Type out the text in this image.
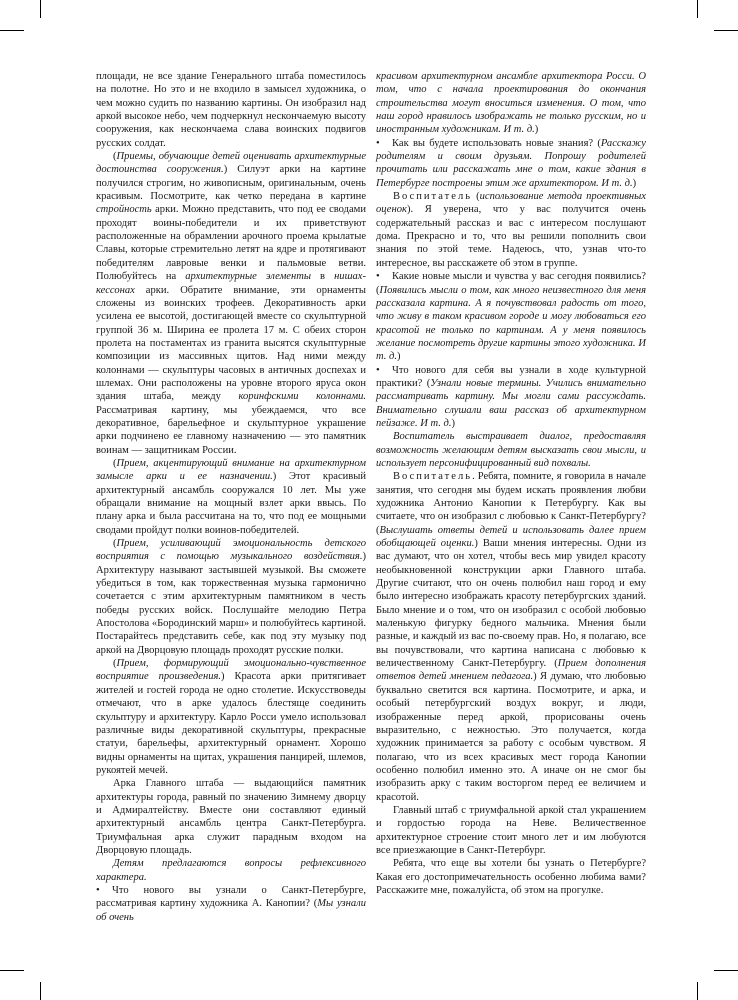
площади, не все здание Генерального штаба поместилось на полотне. Но это и не входило в замысел художника, о чем можно судить по названию картины. Он изобразил над аркой высокое небо, чем подчеркнул нескончаемую высоту сооружения, как нескончаема слава воинских подвигов русских солдат.

(Приемы, обучающие детей оценивать архитектурные достоинства сооружения.) Силуэт арки на картине получился строгим, но живописным, оригинальным, очень красивым. Посмотрите, как четко передана в картине стройность арки. Можно представить, что под ее сводами проходят воины-победители и их приветствуют расположенные на обрамлении арочного проема крылатые Славы, которые стремительно летят на ядре и протягивают победителям лавровые венки и пальмовые ветви. Полюбуйтесь на архитектурные элементы в нишах-кессонах арки. Обратите внимание, эти орнаменты сложены из воинских трофеев. Декоративность арки усилена ее высотой, достигающей вместе со скульптурной группой 36 м. Ширина ее пролета 17 м. С обеих сторон пролета на постаментах из гранита высятся скульптурные композиции из массивных щитов. Над ними между колоннами — скульптуры часовых в античных доспехах и шлемах. Они расположены на уровне второго яруса окон здания штаба, между коринфскими колоннами. Рассматривая картину, мы убеждаемся, что все декоративное, барельефное и скульптурное украшение арки подчинено ее главному назначению — это памятник воинам — защитникам России.

(Прием, акцентирующий внимание на архитектурном замысле арки и ее назначении.) Этот красивый архитектурный ансамбль сооружался 10 лет. Мы уже обращали внимание на мощный взлет арки ввысь. По плану арка и была рассчитана на то, что под ее мощными сводами пройдут полки воинов-победителей.

(Прием, усиливающий эмоциональность детского восприятия с помощью музыкального воздействия.) Архитектуру называют застывшей музыкой. Вы сможете убедиться в том, как торжественная музыка гармонично сочетается с этим архитектурным памятником в честь победы русских войск. Послушайте мелодию Петра Апостолова «Бородинский марш» и полюбуйтесь картиной. Постарайтесь представить себе, как под эту музыку под аркой на Дворцовую площадь проходят русские полки.

(Прием, формирующий эмоционально-чувственное восприятие произведения.) Красота арки притягивает жителей и гостей города не одно столетие. Искусствоведы отмечают, что в арке удалось блестяще соединить скульптуру и архитектуру. Карло Росси умело использовал различные виды декоративной скульптуры, прекрасные статуи, барельефы, архитектурный орнамент. Хорошо видны орнаменты на щитах, украшения панцирей, шлемов, рукоятей мечей.

Арка Главного штаба — выдающийся памятник архитектуры города, равный по значению Зимнему дворцу и Адмиралтейству. Вместе они составляют единый архитектурный ансамбль центра Санкт-Петербурга. Триумфальная арка служит парадным входом на Дворцовую площадь.

Детям предлагаются вопросы рефлексивного характера.

• Что нового вы узнали о Санкт-Петербурге, рассматривая картину художника А. Канопии? (Мы узнали об очень

красивом архитектурном ансамбле архитектора Росси. О том, что с начала проектирования до окончания строительства могут вноситься изменения. О том, что наш город нравилось изображать не только русским, но и иностранным художникам. И т. д.)

• Как вы будете использовать новые знания? (Расскажу родителям и своим друзьям. Попрошу родителей прочитать или расскажать мне о том, какие здания в Петербурге построены этим же архитектором. И т. д.)

Воспитатель (использование метода проективных оценок). Я уверена, что у вас получится очень содержательный рассказ и вас с интересом послушают дома. Прекрасно и то, что вы решили пополнить свои знания по этой теме. Надеюсь, что, узнав что-то интересное, вы расскажете об этом в группе.

• Какие новые мысли и чувства у вас сегодня появились? (Появились мысли о том, как много неизвестного для меня рассказала картина. А я почувствовал радость от того, что живу в таком красивом городе и могу любоваться его красотой не только по картинам. А у меня появилось желание посмотреть другие картины этого художника. И т. д.)

• Что нового для себя вы узнали в ходе культурной практики? (Узнали новые термины. Учились внимательно рассматривать картину. Мы могли сами рассуждать. Внимательно слушали ваш рассказ об архитектурном пейзаже. И т. д.)

Воспитатель выстраивает диалог, предоставляя возможность желающим детям высказать свои мысли, и использует персонифицированный вид похвалы.

Воспитатель. Ребята, помните, я говорила в начале занятия, что сегодня мы будем искать проявления любви художника Антонио Канопии к Петербургу. Как вы считаете, что он изобразил с любовью к Санкт-Петербургу? (Выслушать ответы детей и использовать далее прием обобщающей оценки.) Ваши мнения интересны. Одни из вас думают, что он хотел, чтобы весь мир увидел красоту необыкновенной конструкции арки Главного штаба. Другие считают, что он очень полюбил наш город и ему было интересно изображать красоту петербургских зданий. Было мнение и о том, что он изобразил с особой любовью маленькую фигурку бедного мальчика. Мнения были разные, и каждый из вас по-своему прав. Но, я полагаю, все вы почувствовали, что картина написана с любовью к величественному Санкт-Петербургу. (Прием дополнения ответов детей мнением педагога.) Я думаю, что любовью буквально светится вся картина. Посмотрите, и арка, и особый петербургский воздух вокруг, и люди, изображенные перед аркой, прорисованы очень выразительно, с нежностью. Это получается, когда художник принимается за работу с особым чувством. Я полагаю, что из всех красивых мест города Канопии особенно полюбил именно это. А иначе он не смог бы изобразить арку с таким восторгом перед ее величием и красотой.

Главный штаб с триумфальной аркой стал украшением и гордостью города на Неве. Величественное архитектурное строение стоит много лет и им любуются все приезжающие в Санкт-Петербург.

Ребята, что еще вы хотели бы узнать о Петербурге? Какая его достопримечательность особенно любима вами? Расскажите мне, пожалуйста, об этом на прогулке.
